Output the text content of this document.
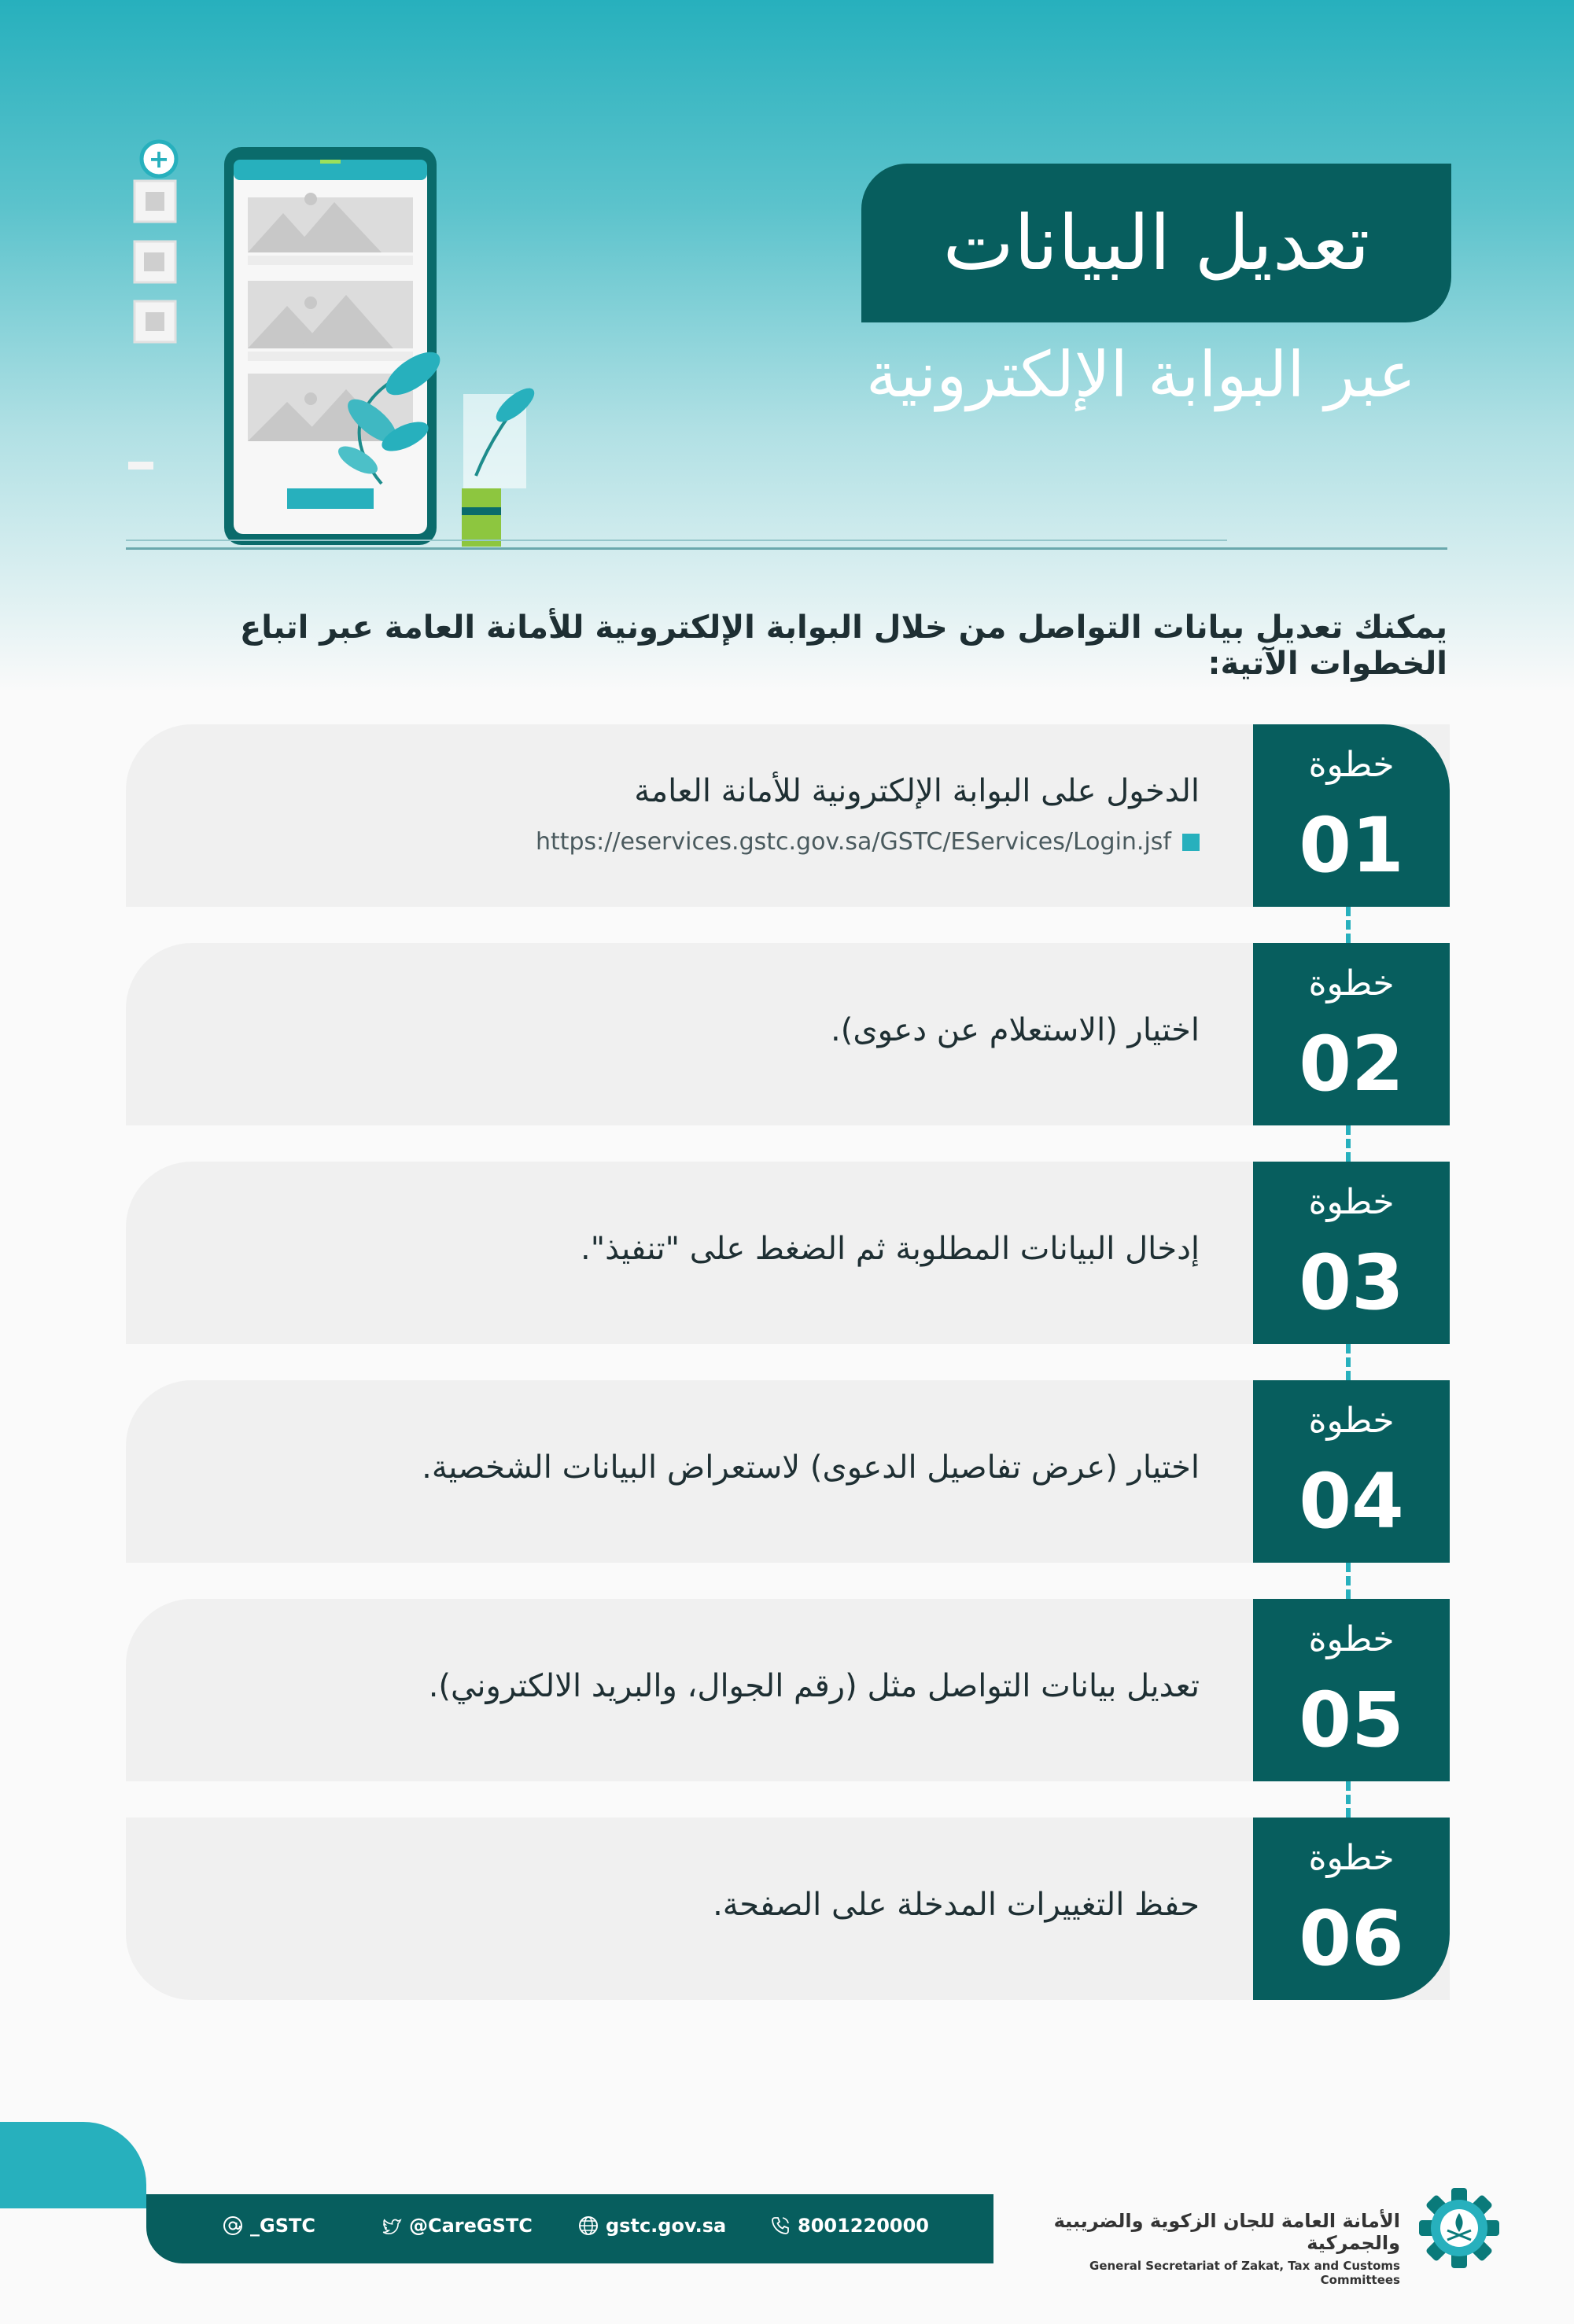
+
تعديل البيانات
عبر البوابة الإلكترونية
يمكنك تعديل بيانات التواصل من خلال البوابة الإلكترونية للأمانة العامة عبر اتباع الخطوات الآتية:
الدخول على البوابة الإلكترونية للأمانة العامة
https://eservices.gstc.gov.sa/GSTC/EServices/Login.jsf
خطوة
01
اختيار (الاستعلام عن دعوى).
خطوة
02
إدخال البيانات المطلوبة ثم الضغط على "تنفيذ".
خطوة
03
اختيار (عرض تفاصيل الدعوى) لاستعراض البيانات الشخصية.
خطوة
04
تعديل بيانات التواصل مثل (رقم الجوال، والبريد الالكتروني).
خطوة
05
حفظ التغييرات المدخلة على الصفحة.
خطوة
06
_GSTC	@CareGSTC	gstc.gov.sa	8001220000	الأمانة العامة للجان الزكوية والضريبية والجمركية
General Secretariat of Zakat, Tax and Customs Committees
